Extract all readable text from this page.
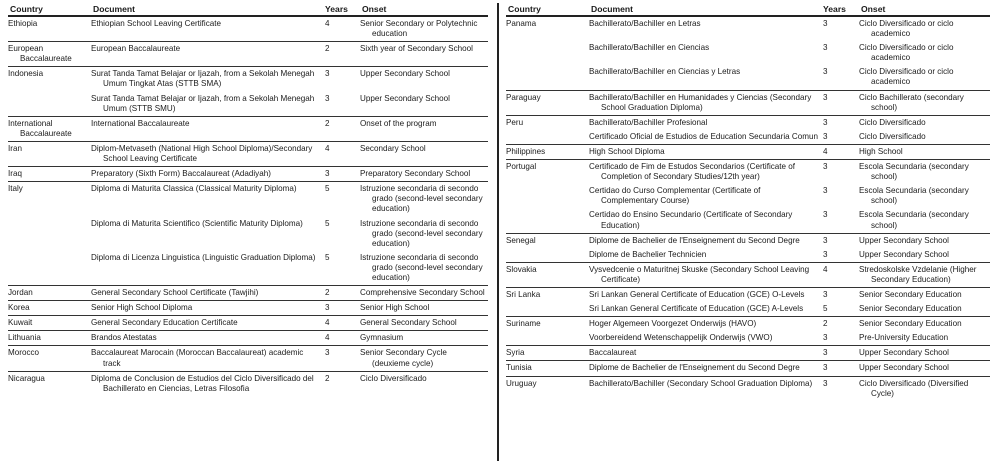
Country	Document	Years	Onset
Ethiopia	Ethiopian School Leaving Certificate	4	Senior Secondary or Polytechnic education
European Baccalaureate	European Baccalaureate	2	Sixth year of Secondary School
Indonesia	Surat Tanda Tamat Belajar or Ijazah, from a Sekolah Menegah Umum Tingkat Atas (STTB SMA)	3	Upper Secondary School
	Surat Tanda Tamat Belajar or Ijazah, from a Sekolah Menegah Umum (STTB SMU)	3	Upper Secondary School
International Baccalaureate	International Baccalaureate	2	Onset of the program
Iran	Diplom-Metvaseth (National High School Diploma)/Secondary School Leaving Certificate	4	Secondary School
Iraq	Preparatory (Sixth Form) Baccalaureat (Adadiyah)	3	Preparatory Secondary School
Italy	Diploma di Maturita Classica (Classical Maturity Diploma)	5	Istruzione secondaria di secondo grado (second-level secondary education)
	Diploma di Maturita Scientifico (Scientific Maturity Diploma)	5	Istruzione secondaria di secondo grado (second-level secondary education)
	Diploma di Licenza Linguistica (Linguistic Graduation Diploma)	5	Istruzione secondaria di secondo grado (second-level secondary education)
Jordan	General Secondary School Certificate (Tawjihi)	2	Comprehensive Secondary School
Korea	Senior High School Diploma	3	Senior High School
Kuwait	General Secondary Education Certificate	4	General Secondary School
Lithuania	Brandos Atestatas	4	Gymnasium
Morocco	Baccalaureat Marocain (Moroccan Baccalaureat) academic track	3	Senior Secondary Cycle (deuxieme cycle)
Nicaragua	Diploma de Conclusion de Estudios del Ciclo Diversificado del Bachillerato en Ciencias, Letras Filosofia	2	Ciclo Diversificado
Country	Document	Years	Onset
Panama	Bachillerato/Bachiller en Letras	3	Ciclo Diversificado or ciclo academico
	Bachillerato/Bachiller en Ciencias	3	Ciclo Diversificado or ciclo academico
	Bachillerato/Bachiller en Ciencias y Letras	3	Ciclo Diversificado or ciclo academico
Paraguay	Bachillerato/Bachiller en Humanidades y Ciencias (Secondary School Graduation Diploma)	3	Ciclo Bachillerato (secondary school)
Peru	Bachillerato/Bachiller Profesional	3	Ciclo Diversificado
	Certificado Oficial de Estudios de Education Secundaria Comun	3	Ciclo Diversificado
Philippines	High School Diploma	4	High School
Portugal	Certificado de Fim de Estudos Secondarios (Certificate of Completion of Secondary Studies/12th year)	3	Escola Secundaria (secondary school)
	Certidao do Curso Complementar (Certificate of Complementary Course)	3	Escola Secundaria (secondary school)
	Certidao do Ensino Secundario (Certificate of Secondary Education)	3	Escola Secundaria (secondary school)
Senegal	Diplome de Bachelier de l'Enseignement du Second Degre	3	Upper Secondary School
	Diplome de Bachelier Technicien	3	Upper Secondary School
Slovakia	Vysvedcenie o Maturitnej Skuske (Secondary School Leaving Certificate)	4	Stredoskolske Vzdelanie (Higher Secondary Education)
Sri Lanka	Sri Lankan General Certificate of Education (GCE) O-Levels	3	Senior Secondary Education
	Sri Lankan General Certificate of Education (GCE) A-Levels	5	Senior Secondary Education
Suriname	Hoger Algemeen Voorgezet Onderwijs (HAVO)	2	Senior Secondary Education
	Voorbereidend Wetenschappelijk Onderwijs (VWO)	3	Pre-University Education
Syria	Baccalaureat	3	Upper Secondary School
Tunisia	Diplome de Bachelier de l'Enseignement du Second Degre	3	Upper Secondary School
Uruguay	Bachillerato/Bachiller (Secondary School Graduation Diploma)	3	Ciclo Diversificado (Diversified Cycle)
